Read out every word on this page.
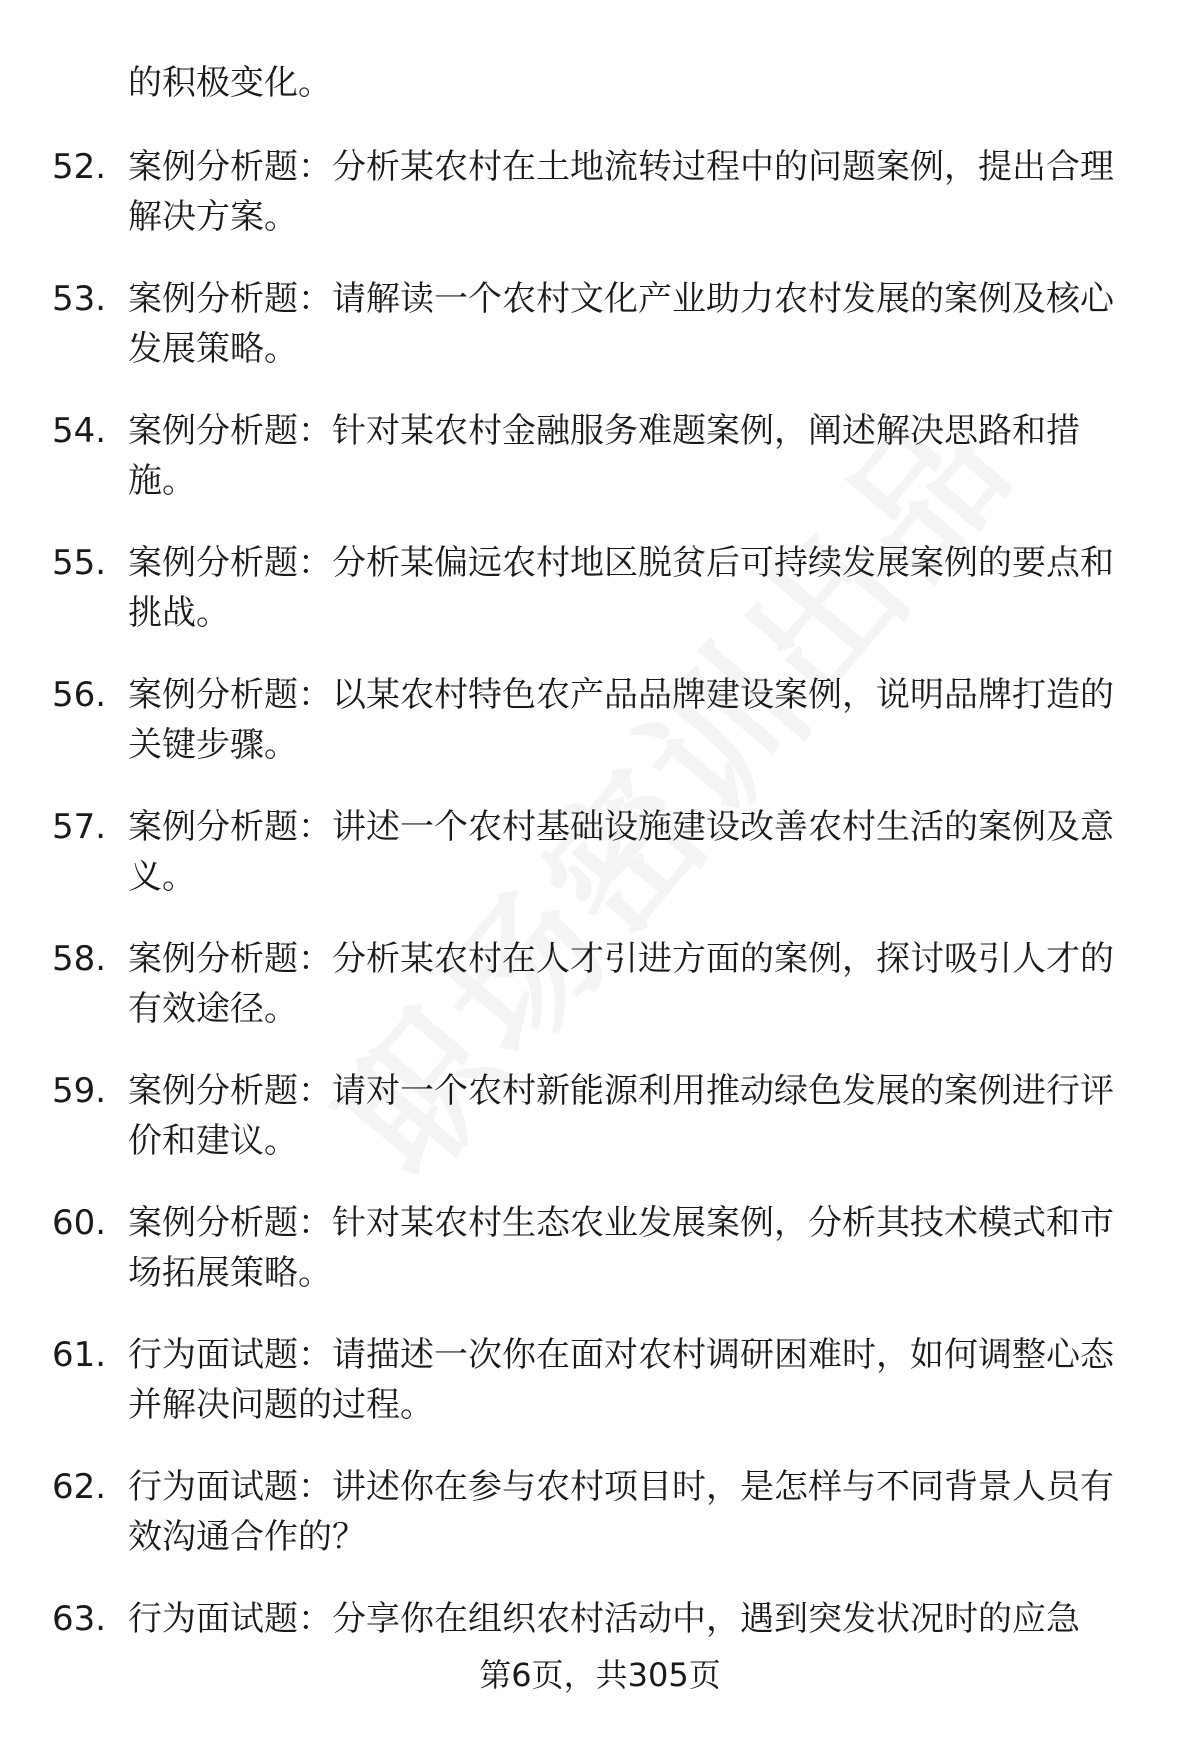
的积极变化。
52. 案例分析题：分析某农村在土地流转过程中的问题案例，提出合理解决方案。
53. 案例分析题：请解读一个农村文化产业助力农村发展的案例及核心发展策略。
54. 案例分析题：针对某农村金融服务难题案例，阐述解决思路和措施。
55. 案例分析题：分析某偏远农村地区脱贫后可持续发展案例的要点和挑战。
56. 案例分析题：以某农村特色农产品品牌建设案例，说明品牌打造的关键步骤。
57. 案例分析题：讲述一个农村基础设施建设改善农村生活的案例及意义。
58. 案例分析题：分析某农村在人才引进方面的案例，探讨吸引人才的有效途径。
59. 案例分析题：请对一个农村新能源利用推动绿色发展的案例进行评价和建议。
60. 案例分析题：针对某农村生态农业发展案例，分析其技术模式和市场拓展策略。
61. 行为面试题：请描述一次你在面对农村调研困难时，如何调整心态并解决问题的过程。
62. 行为面试题：讲述你在参与农村项目时，是怎样与不同背景人员有效沟通合作的？
63. 行为面试题：分享你在组织农村活动中，遇到突发状况时的应急
第6页，共305页
